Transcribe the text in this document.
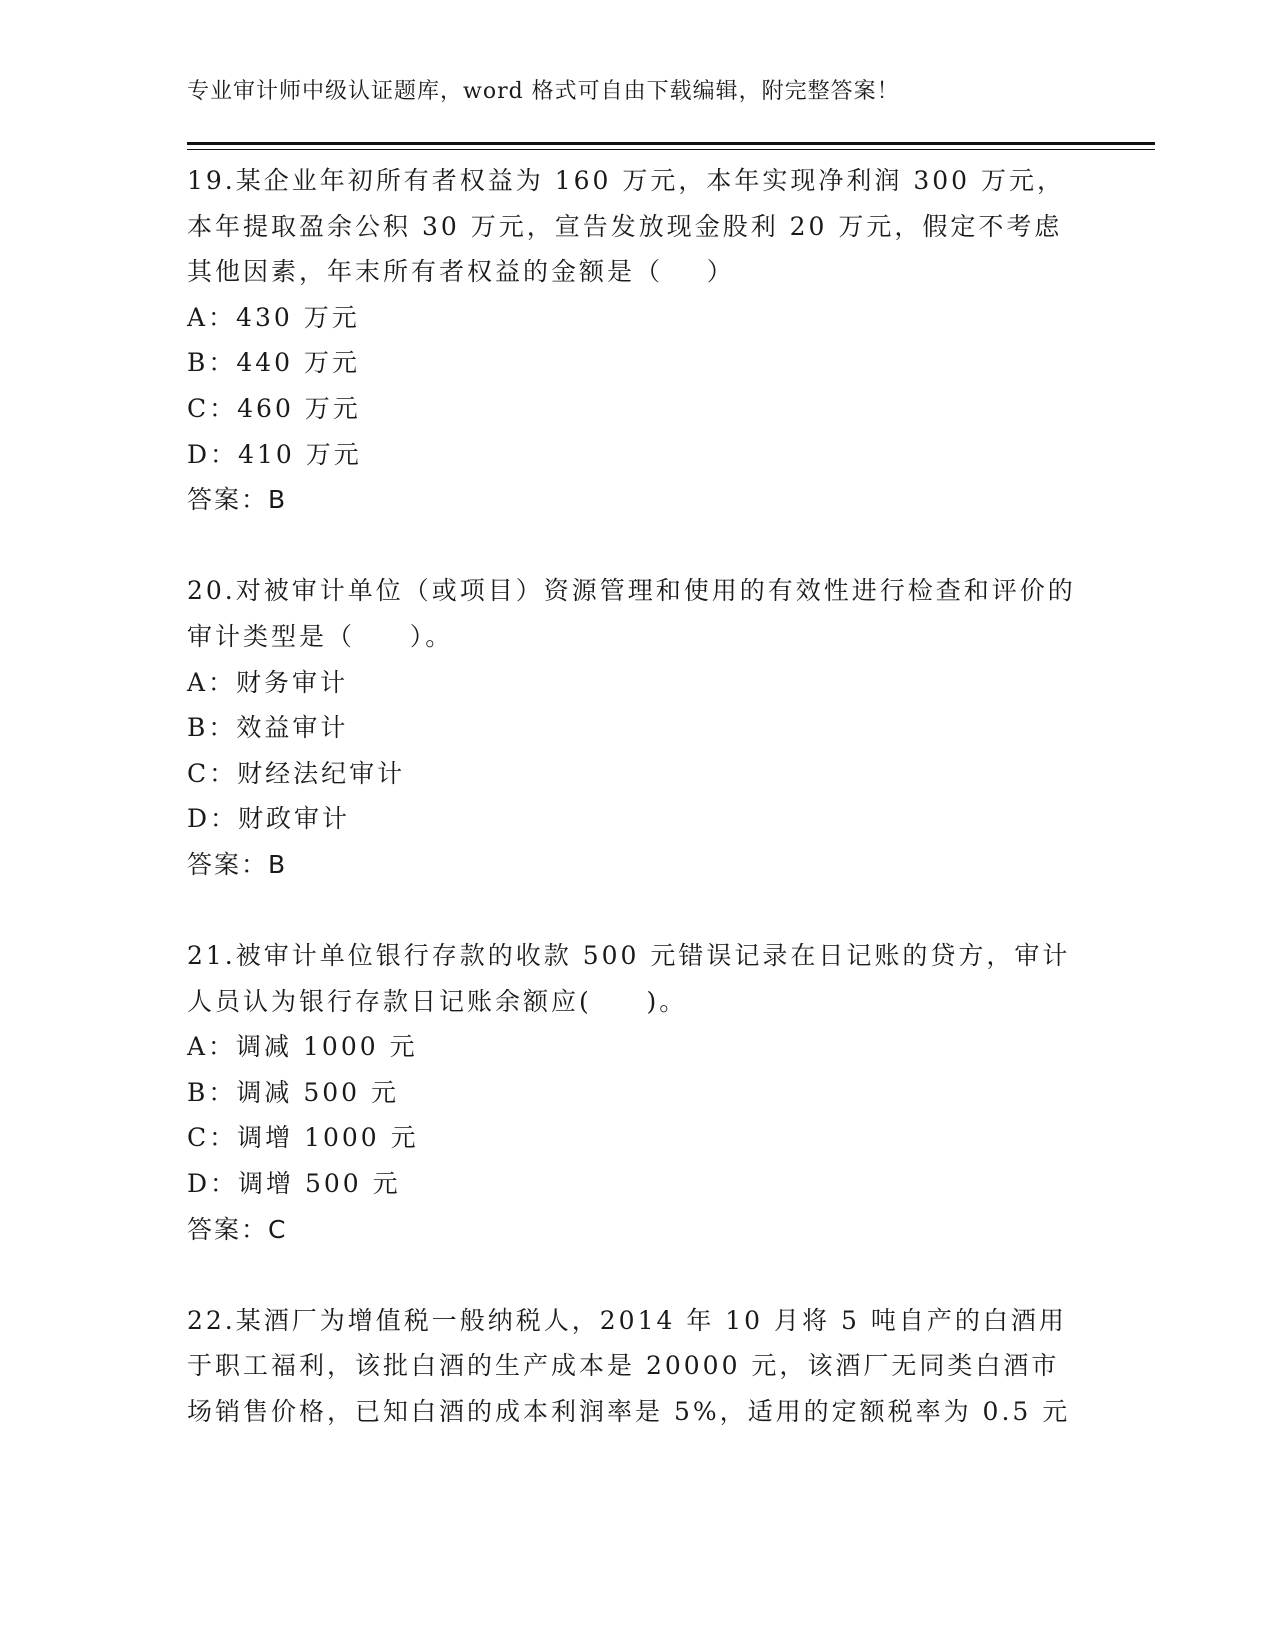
专业审计师中级认证题库，word 格式可自由下载编辑，附完整答案！

19.某企业年初所有者权益为 160 万元，本年实现净利润 300 万元，本年提取盈余公积 30 万元，宣告发放现金股利 20 万元，假定不考虑其他因素，年末所有者权益的金额是（    ）

A：430 万元

B：440 万元

C：460 万元

D：410 万元

答案：B

20.对被审计单位（或项目）资源管理和使用的有效性进行检查和评价的审计类型是（     ）。

A：财务审计

B：效益审计

C：财经法纪审计

D：财政审计

答案：B

21.被审计单位银行存款的收款 500 元错误记录在日记账的贷方，审计人员认为银行存款日记账余额应(     )。

A：调减 1000 元

B：调减 500 元

C：调增 1000 元

D：调增 500 元

答案：C

22.某酒厂为增值税一般纳税人，2014 年 10 月将 5 吨自产的白酒用于职工福利，该批白酒的生产成本是 20000 元，该酒厂无同类白酒市场销售价格，已知白酒的成本利润率是 5%，适用的定额税率为 0.5 元
